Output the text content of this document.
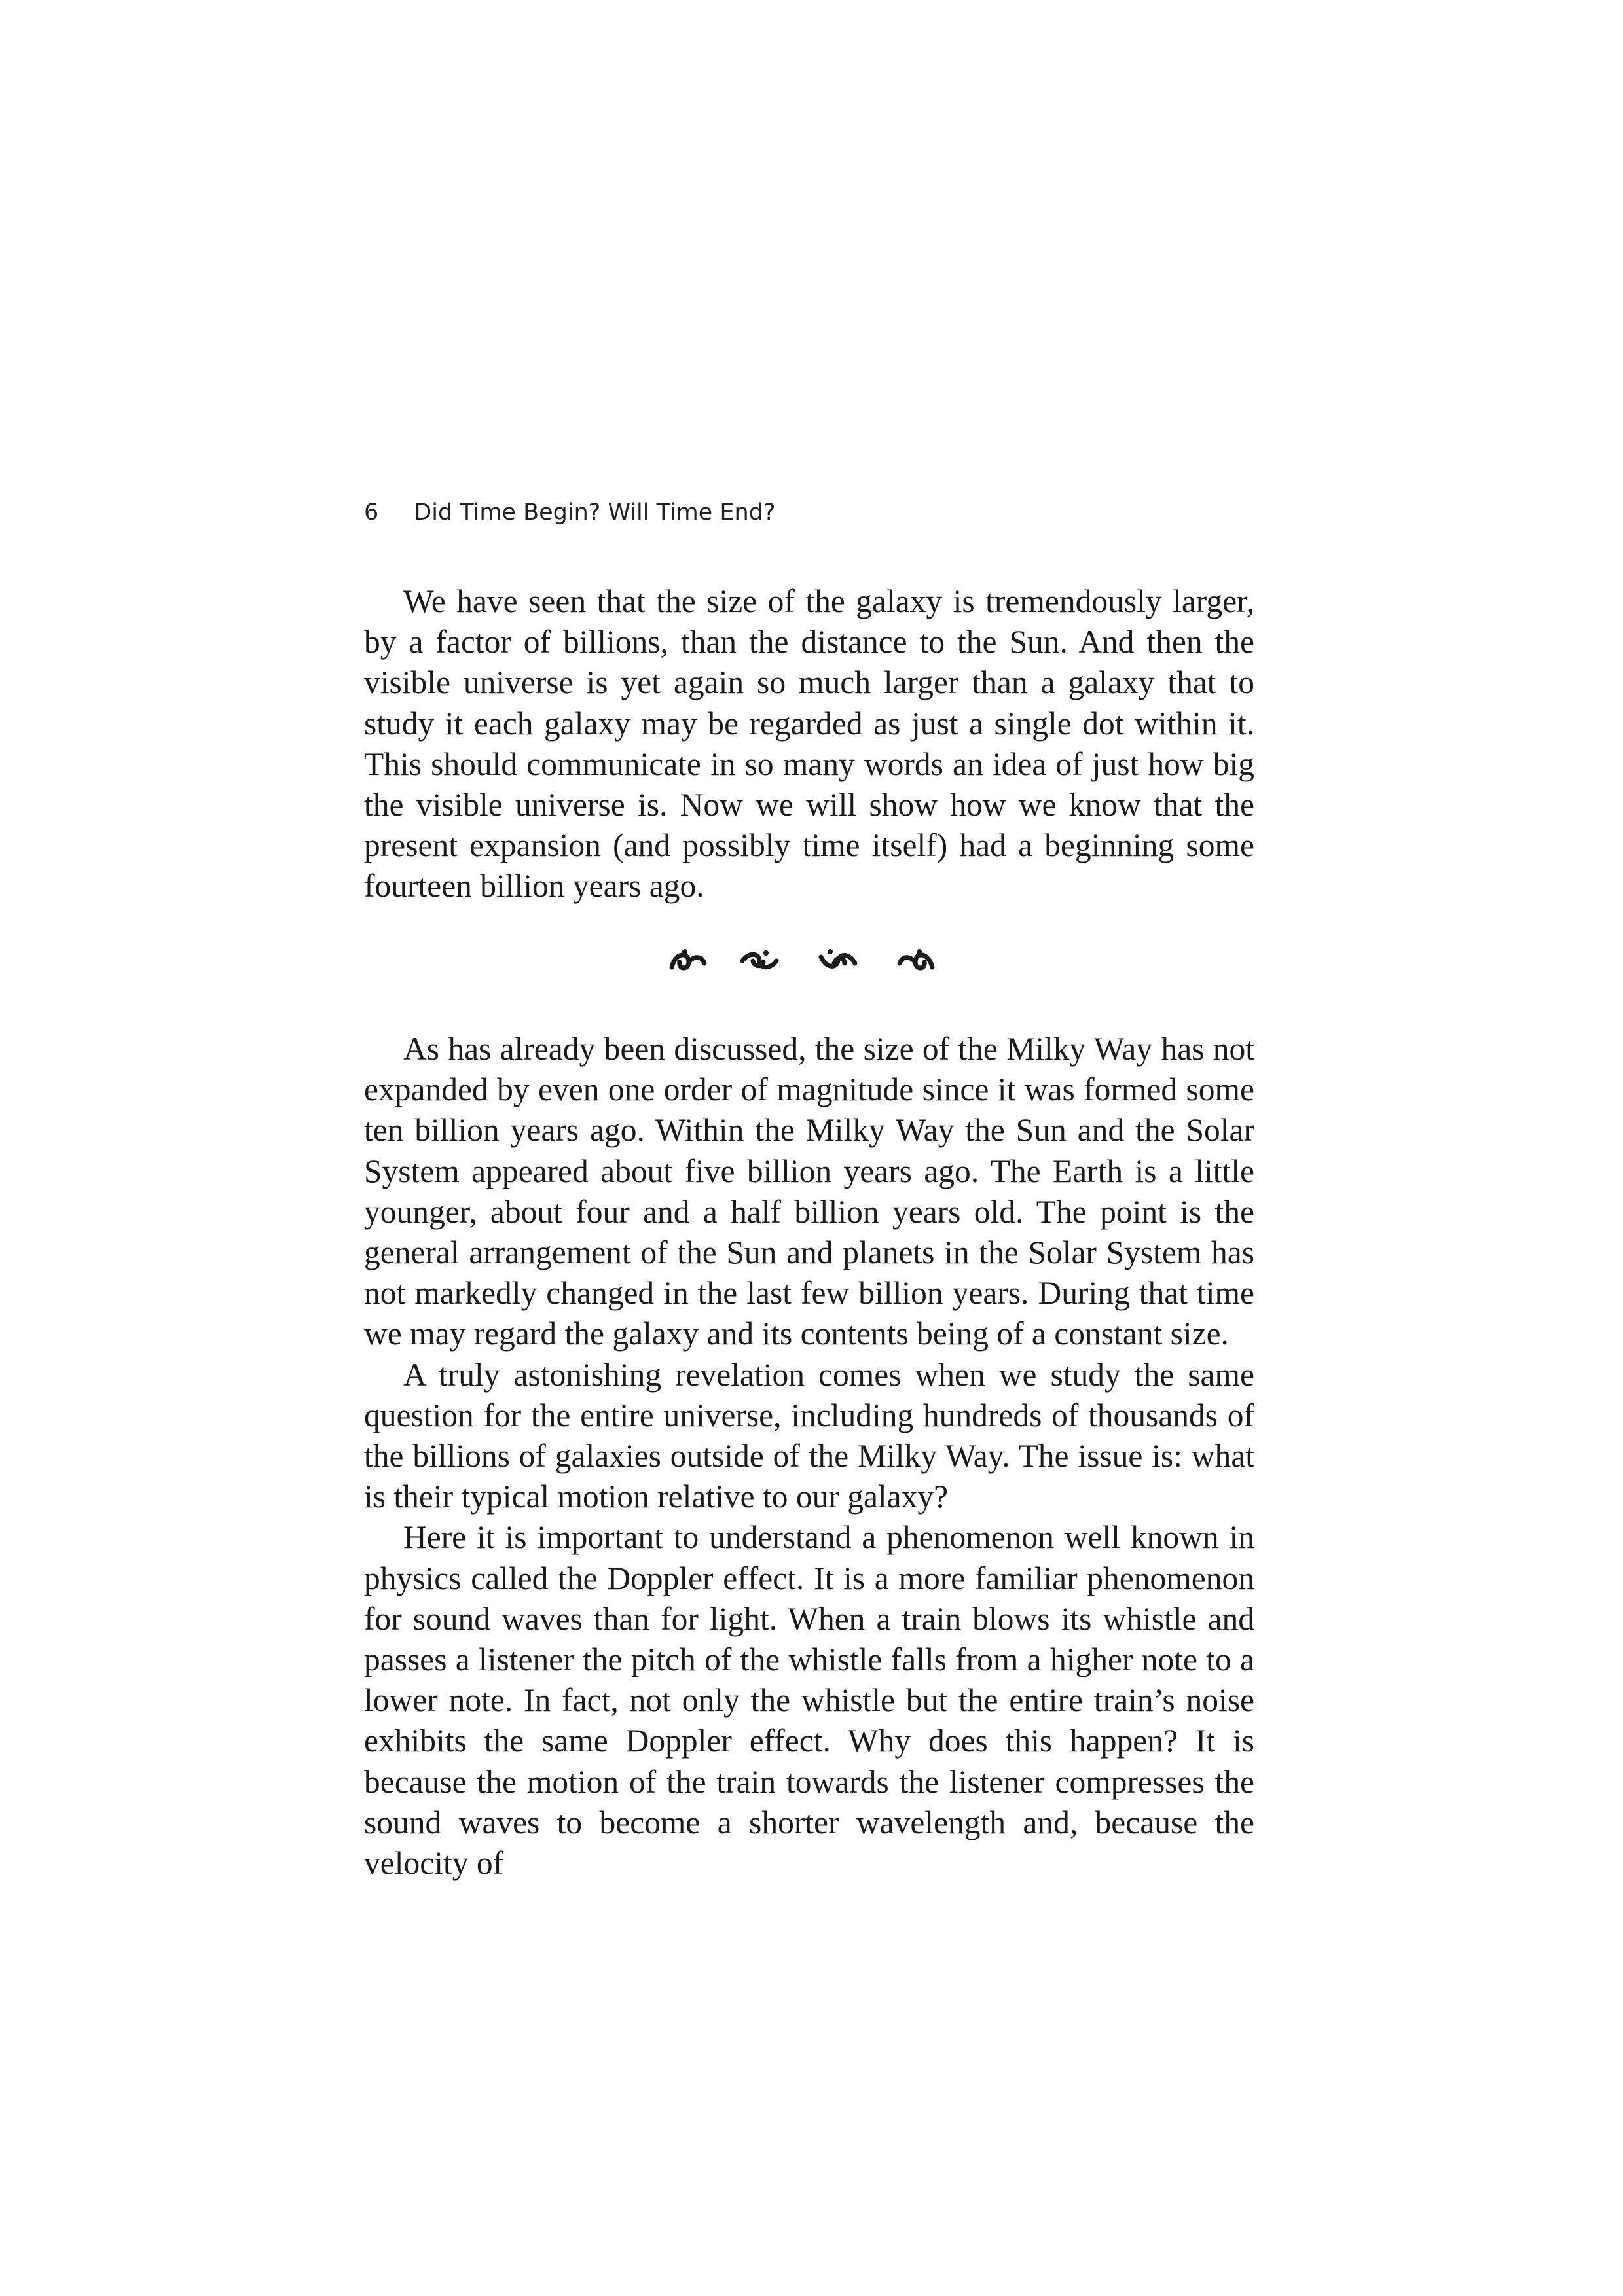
6 Did Time Begin? Will Time End?

We have seen that the size of the galaxy is tremendously larger, by a factor of billions, than the distance to the Sun. And then the visible universe is yet again so much larger than a galaxy that to study it each galaxy may be regarded as just a single dot within it. This should communicate in so many words an idea of just how big the visible universe is. Now we will show how we know that the present expansion (and possibly time itself) had a beginning some fourteen billion years ago.

As has already been discussed, the size of the Milky Way has not expanded by even one order of magnitude since it was formed some ten billion years ago. Within the Milky Way the Sun and the Solar System appeared about five billion years ago. The Earth is a little younger, about four and a half billion years old. The point is the general arrangement of the Sun and planets in the Solar System has not markedly changed in the last few billion years. During that time we may regard the galaxy and its contents being of a constant size.

A truly astonishing revelation comes when we study the same question for the entire universe, including hundreds of thousands of the billions of galaxies outside of the Milky Way. The issue is: what is their typical motion relative to our galaxy?

Here it is important to understand a phenomenon well known in physics called the Doppler effect. It is a more familiar phenomenon for sound waves than for light. When a train blows its whistle and passes a listener the pitch of the whistle falls from a higher note to a lower note. In fact, not only the whistle but the entire train’s noise exhibits the same Doppler effect. Why does this happen? It is because the motion of the train towards the listener compresses the sound waves to become a shorter wavelength and, because the velocity of
